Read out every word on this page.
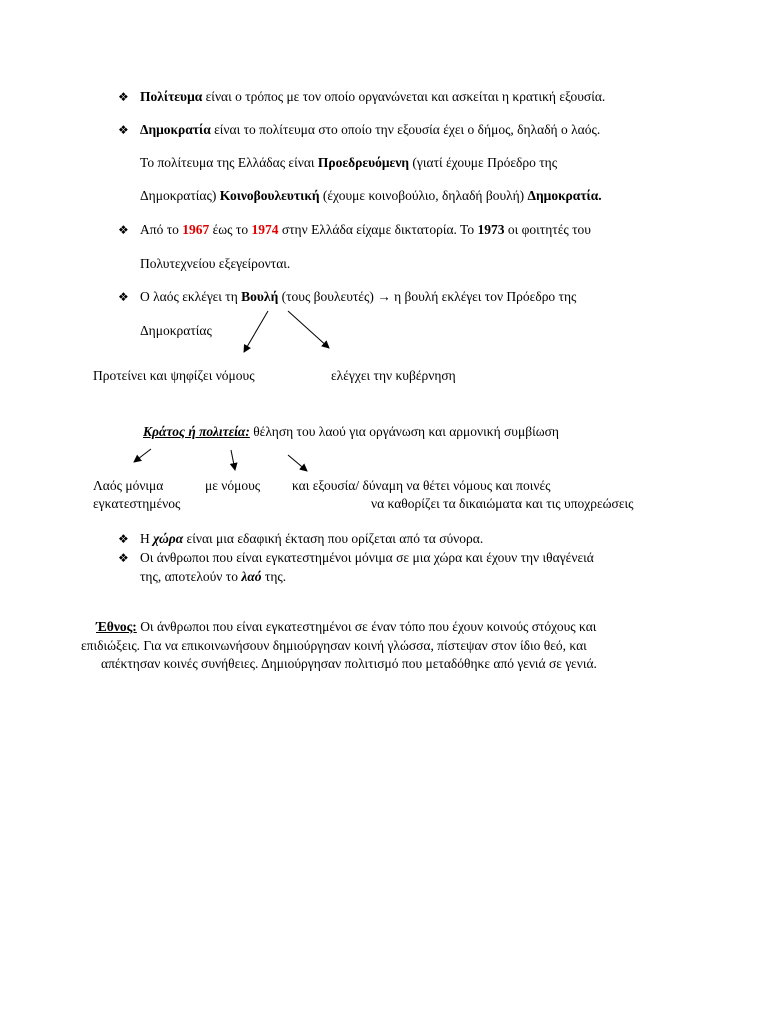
❖ Πολίτευμα είναι ο τρόπος με τον οποίο οργανώνεται και ασκείται η κρατική εξουσία.
❖ Δημοκρατία είναι το πολίτευμα στο οποίο την εξουσία έχει ο δήμος, δηλαδή ο λαός.
Το πολίτευμα της Ελλάδας είναι Προεδρευόμενη (γιατί έχουμε Πρόεδρο της
Δημοκρατίας) Κοινοβουλευτική (έχουμε κοινοβούλιο, δηλαδή βουλή) Δημοκρατία.
❖ Από το 1967 έως το 1974 στην Ελλάδα είχαμε δικτατορία. Το 1973 οι φοιτητές του
Πολυτεχνείου εξεγείρονται.
❖ Ο λαός εκλέγει τη Βουλή (τους βουλευτές) → η βουλή εκλέγει τον Πρόεδρο της
Δημοκρατίας
Προτείνει και ψηφίζει νόμους	ελέγχει την κυβέρνηση
Κράτος ή πολιτεία: θέληση του λαού για οργάνωση και αρμονική συμβίωση
Λαός μόνιμα
εγκατεστημένος
με νόμους και εξουσία/ δύναμη να θέτει νόμους και ποινές
να καθορίζει τα δικαιώματα και τις υποχρεώσεις
❖ Η χώρα είναι μια εδαφική έκταση που ορίζεται από τα σύνορα.
❖ Οι άνθρωποι που είναι εγκατεστημένοι μόνιμα σε μια χώρα και έχουν την ιθαγένειά
της, αποτελούν το λαό της.
Έθνος: Οι άνθρωποι που είναι εγκατεστημένοι σε έναν τόπο που έχουν κοινούς στόχους και
επιδιώξεις. Για να επικοινωνήσουν δημιούργησαν κοινή γλώσσα, πίστεψαν στον ίδιο θεό, και
απέκτησαν κοινές συνήθειες. Δημιούργησαν πολιτισμό που μεταδόθηκε από γενιά σε γενιά.
